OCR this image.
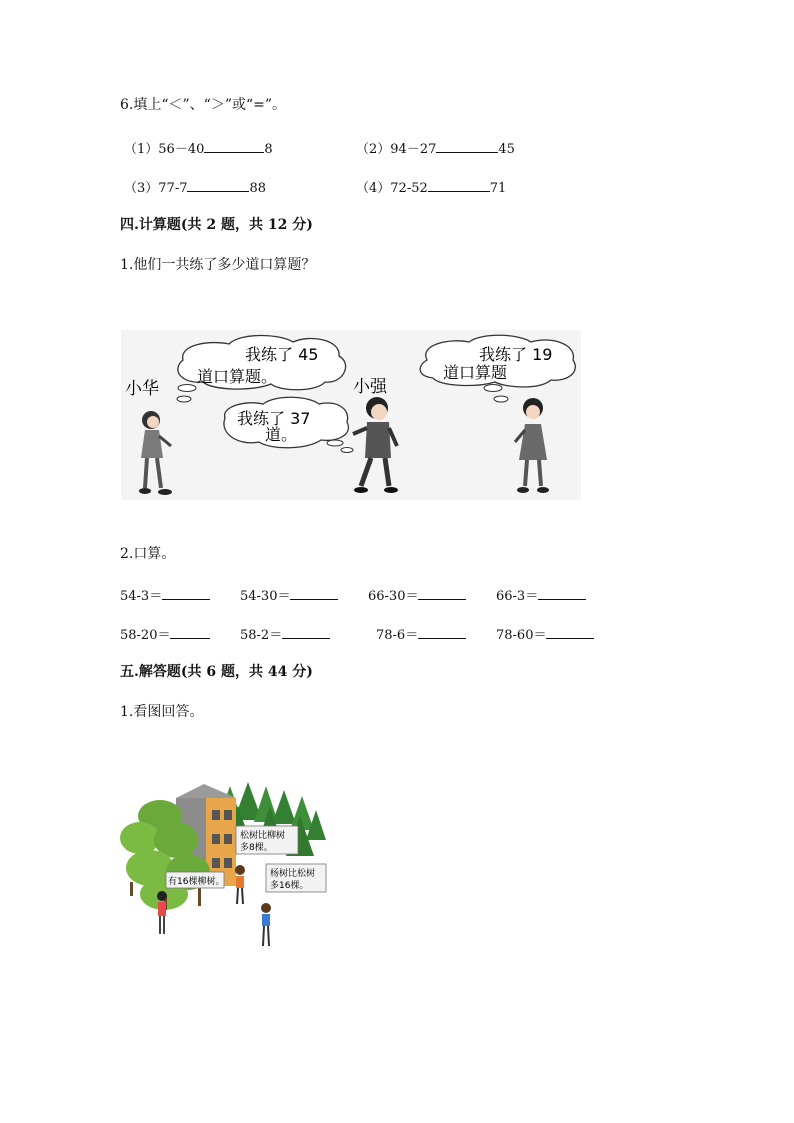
6.填上“＜”、“＞”或“=”。
（1）56－40	8	（2）94－27	45
（3）77-7	88	（4）72-52	71
四.计算题(共 2 题，共 12 分)
1.他们一共练了多少道口算题？
我练了 45
道口算题。
我练了 37
道。
我练了 19
道口算题
小华	小强
2.口算。
54-3＝	54-30＝	66-30＝	66-3＝
58-20＝	58-2＝	78-6＝	78-60＝
五.解答题(共 6 题，共 44 分)
1.看图回答。
松树比柳树
多8棵。
有16棵柳树。
杨树比松树
多16棵。
